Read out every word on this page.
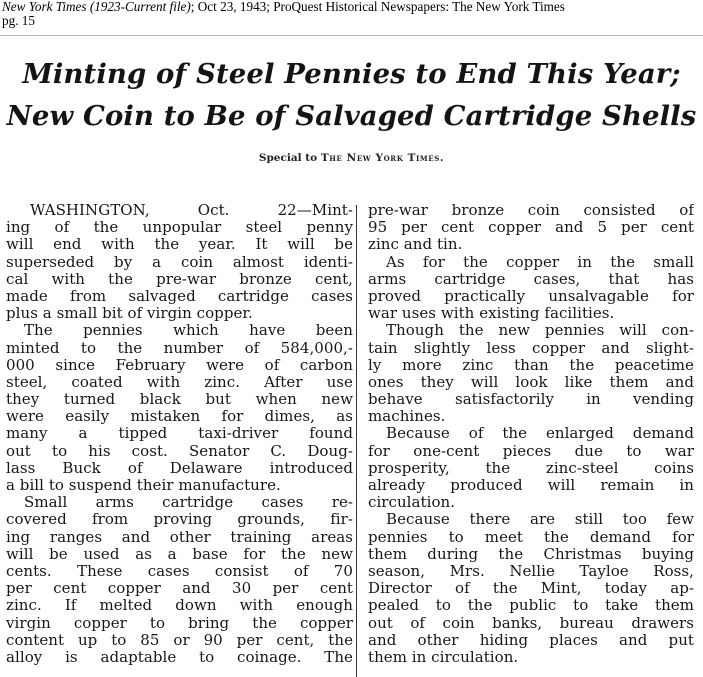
New York Times (1923-Current file); Oct 23, 1943; ProQuest Historical Newspapers: The New York Times
pg. 15
Minting of Steel Pennies to End This Year;
New Coin to Be of Salvaged Cartridge Shells
Special to The New York Times.
WASHINGTON, Oct. 22—Mint-
ing of the unpopular steel penny
will end with the year. It will be
superseded by a coin almost identi-
cal with the pre-war bronze cent,
made from salvaged cartridge cases
plus a small bit of virgin copper.
The pennies which have been
minted to the number of 584,000,-
000 since February were of carbon
steel, coated with zinc. After use
they turned black but when new
were easily mistaken for dimes, as
many a tipped taxi-driver found
out to his cost. Senator C. Doug-
lass Buck of Delaware introduced
a bill to suspend their manufacture.
Small arms cartridge cases re-
covered from proving grounds, fir-
ing ranges and other training areas
will be used as a base for the new
cents. These cases consist of 70
per cent copper and 30 per cent
zinc. If melted down with enough
virgin copper to bring the copper
content up to 85 or 90 per cent, the
alloy is adaptable to coinage. The
pre-war bronze coin consisted of
95 per cent copper and 5 per cent
zinc and tin.
As for the copper in the small
arms cartridge cases, that has
proved practically unsalvagable for
war uses with existing facilities.
Though the new pennies will con-
tain slightly less copper and slight-
ly more zinc than the peacetime
ones they will look like them and
behave satisfactorily in vending
machines.
Because of the enlarged demand
for one-cent pieces due to war
prosperity, the zinc-steel coins
already produced will remain in
circulation.
Because there are still too few
pennies to meet the demand for
them during the Christmas buying
season, Mrs. Nellie Tayloe Ross,
Director of the Mint, today ap-
pealed to the public to take them
out of coin banks, bureau drawers
and other hiding places and put
them in circulation.
